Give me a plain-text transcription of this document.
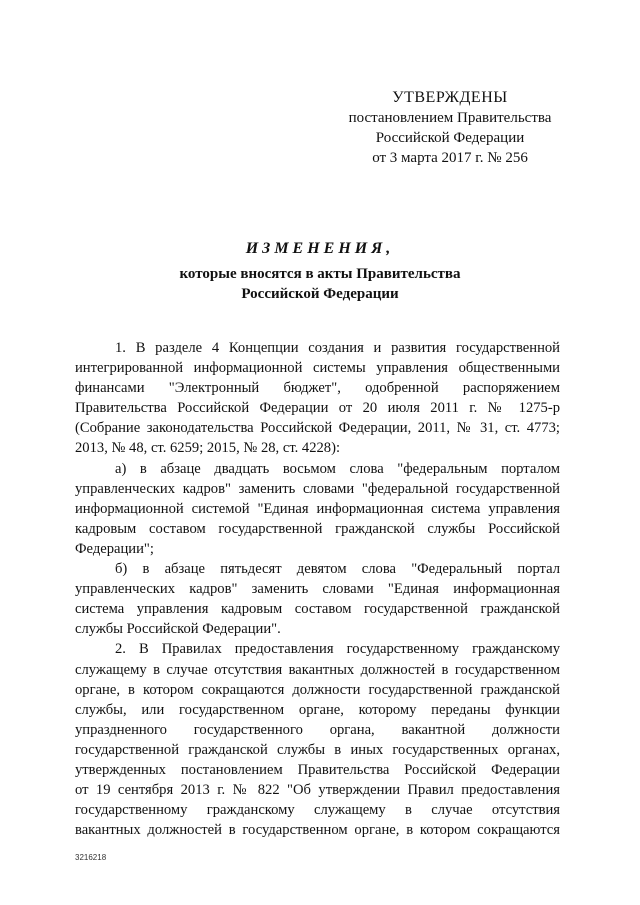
УТВЕРЖДЕНЫ
постановлением Правительства
Российской Федерации
от 3 марта 2017 г. № 256
ИЗМЕНЕНИЯ,
которые вносятся в акты Правительства
Российской Федерации
1. В разделе 4 Концепции создания и развития государственной
интегрированной информационной системы управления общественными
финансами "Электронный бюджет", одобренной распоряжением
Правительства Российской Федерации от 20 июля 2011 г. № 1275-р
(Собрание законодательства Российской Федерации, 2011, № 31, ст. 4773;
2013, № 48, ст. 6259; 2015, № 28, ст. 4228):
а) в абзаце двадцать восьмом слова "федеральным порталом
управленческих кадров" заменить словами "федеральной государственной
информационной системой "Единая информационная система управления
кадровым составом государственной гражданской службы Российской
Федерации";
б) в абзаце пятьдесят девятом слова "Федеральный портал
управленческих кадров" заменить словами "Единая информационная
система управления кадровым составом государственной гражданской
службы Российской Федерации".
2. В Правилах предоставления государственному гражданскому
служащему в случае отсутствия вакантных должностей в государственном
органе, в котором сокращаются должности государственной гражданской
службы, или государственном органе, которому переданы функции
упраздненного государственного органа, вакантной должности
государственной гражданской службы в иных государственных органах,
утвержденных постановлением Правительства Российской Федерации
от 19 сентября 2013 г. № 822 "Об утверждении Правил предоставления
государственному гражданскому служащему в случае отсутствия
вакантных должностей в государственном органе, в котором сокращаются
3216218
